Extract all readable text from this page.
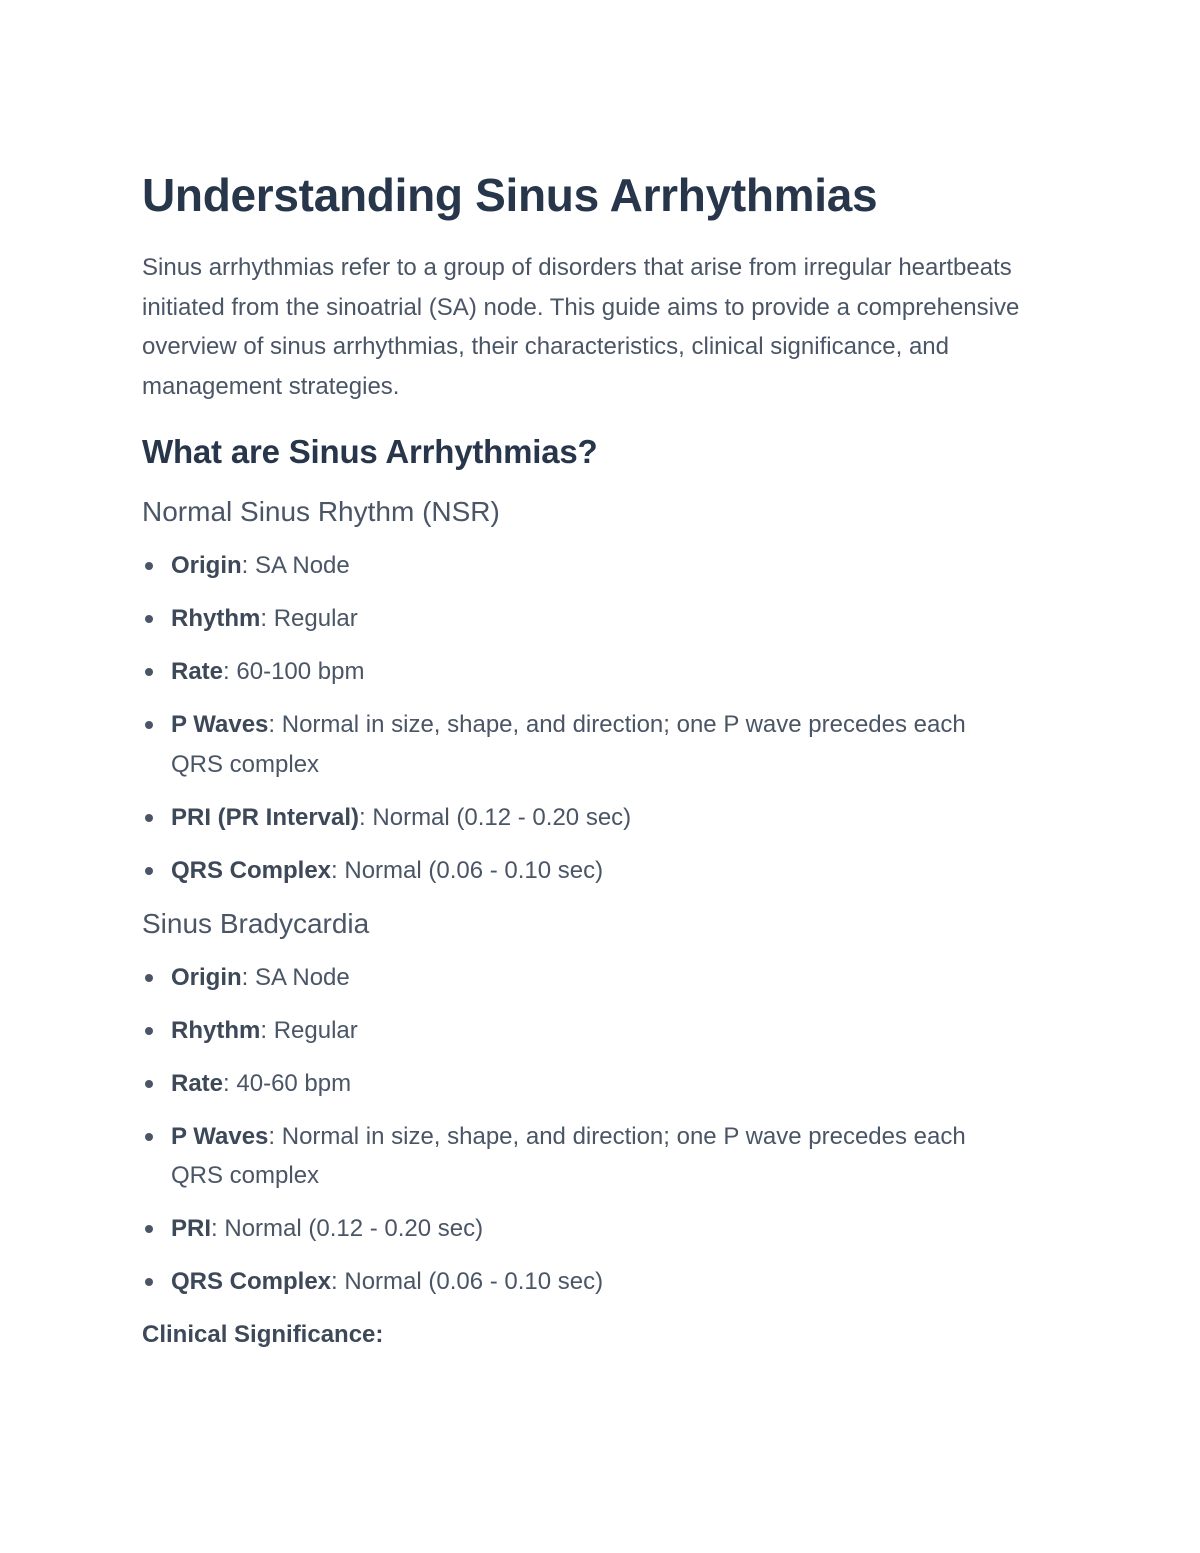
Understanding Sinus Arrhythmias

Sinus arrhythmias refer to a group of disorders that arise from irregular heartbeats initiated from the sinoatrial (SA) node. This guide aims to provide a comprehensive overview of sinus arrhythmias, their characteristics, clinical significance, and management strategies.

What are Sinus Arrhythmias?
Normal Sinus Rhythm (NSR)
Origin: SA Node
Rhythm: Regular
Rate: 60-100 bpm
P Waves: Normal in size, shape, and direction; one P wave precedes each QRS complex
PRI (PR Interval): Normal (0.12 - 0.20 sec)
QRS Complex: Normal (0.06 - 0.10 sec)
Sinus Bradycardia
Origin: SA Node
Rhythm: Regular
Rate: 40-60 bpm
P Waves: Normal in size, shape, and direction; one P wave precedes each QRS complex
PRI: Normal (0.12 - 0.20 sec)
QRS Complex: Normal (0.06 - 0.10 sec)

Clinical Significance:
